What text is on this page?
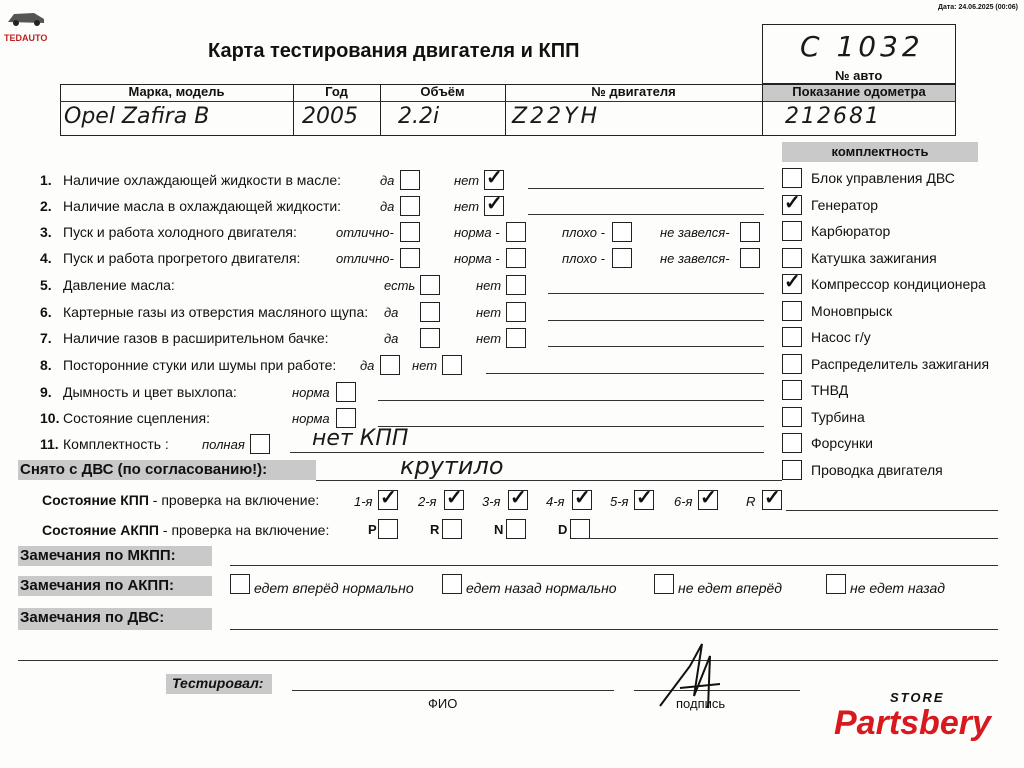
TEDAUTO
Дата: 24.06.2025 (00:06)
Карта тестирования двигателя и КПП	C 1032
№ авто
Марка, модель	Год	Объём	№ двигателя	Показание одометра
Opel Zafira B	2005 2.2i	Z22YH	212681
1. Наличие охлаждающей жидкости в масле:	да	нет ✓
2. Наличие масла в охлаждающей жидкости:	да	нет ✓
3. Пуск и работа холодного двигателя:	отлично-	норма -	плохо -	не завелся-
4. Пуск и работа прогретого двигателя:	отлично-	норма -	плохо -	не завелся-
5. Давление масла:	есть	нет
6. Картерные газы из отверстия масляного щупа: да	нет
7. Наличие газов в расширительном бачке:	да	нет
8. Посторонние стуки или шумы при работе: да	нет
9. Дымность и цвет выхлопа:	норма
10. Состояние сцепления:	норма
11. Комплектность :	полная	нет КПП
комплектность
Блок управления ДВС
✓ Генератор
Карбюратор
Катушка зажигания
✓ Компрессор кондиционера
Моновпрыск
Насос г/у
Распределитель зажигания
ТНВД
Турбина
Форсунки
Проводка двигателя
Снято с ДВС (по согласованию!):	крутило
Состояние КПП - проверка на включение:	1-я ✓ 2-я ✓ 3-я ✓ 4-я ✓ 5-я ✓ 6-я ✓ R ✓
Состояние АКПП - проверка на включение:	P	R	N	D
Замечания по МКПП:
Замечания по АКПП:	едет вперёд нормально	едет назад нормально	не едет вперёд	не едет назад
Замечания по ДВС:
Тестировал:
ФИО	подпись	STORE
Partsbery
